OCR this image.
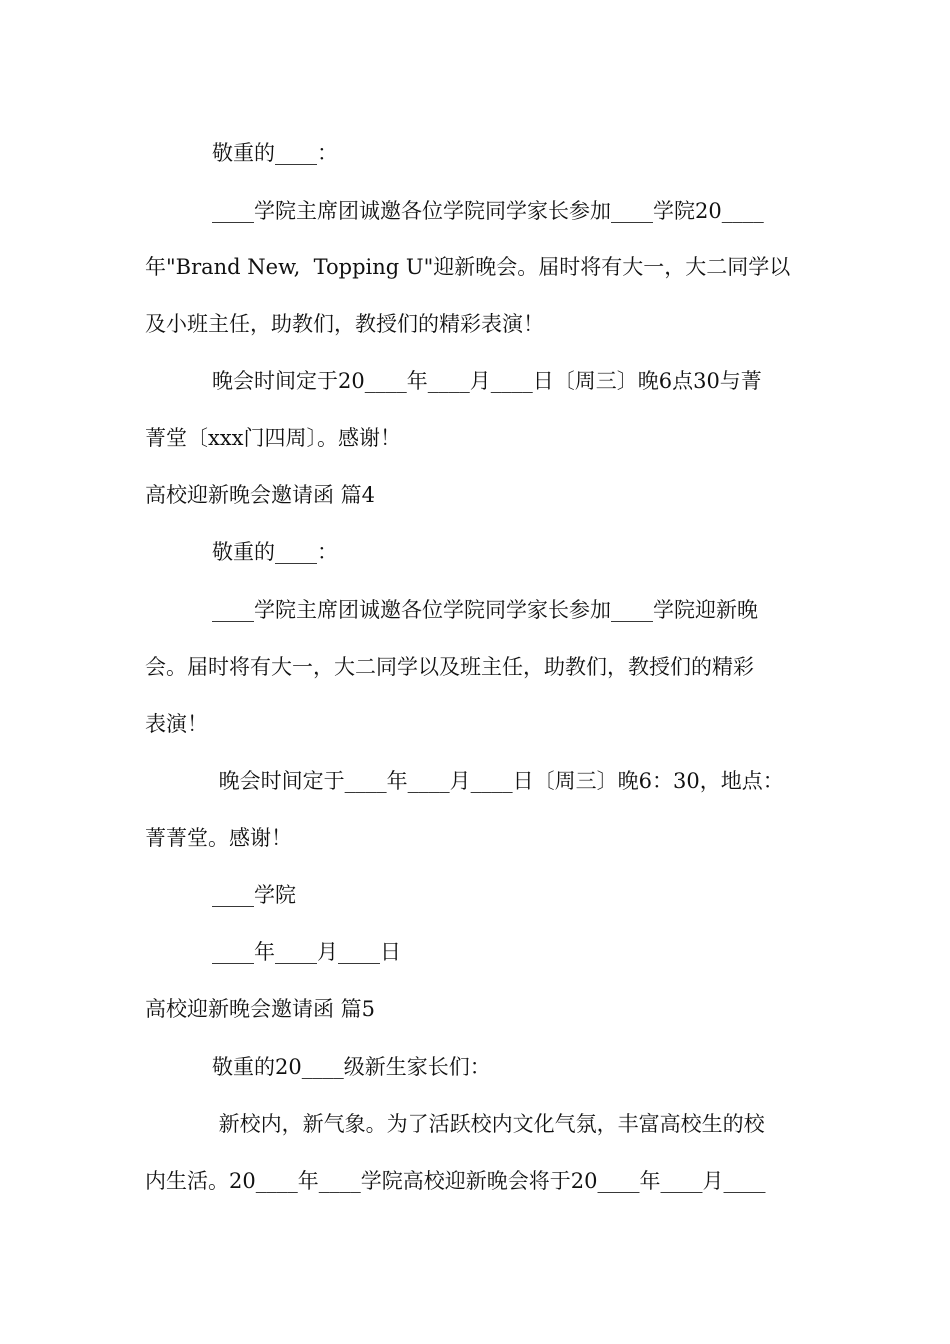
敬重的____：
____学院主席团诚邀各位学院同学家长参加____学院20____
年"Brand New,  Topping U"迎新晚会。届时将有大一，大二同学以
及小班主任，助教们，教授们的精彩表演！
晚会时间定于20____年____月____日〔周三〕晚6点30与菁
菁堂〔xxx门四周〕。感谢！
高校迎新晚会邀请函 篇4
敬重的____：
____学院主席团诚邀各位学院同学家长参加____学院迎新晚
会。届时将有大一，大二同学以及班主任，助教们，教授们的精彩
表演！
晚会时间定于____年____月____日〔周三〕晚6：30，地点：
菁菁堂。感谢！
____学院
____年____月____日
高校迎新晚会邀请函 篇5
敬重的20____级新生家长们：
新校内，新气象。为了活跃校内文化气氛，丰富高校生的校
内生活。20____年____学院高校迎新晚会将于20____年____月____
